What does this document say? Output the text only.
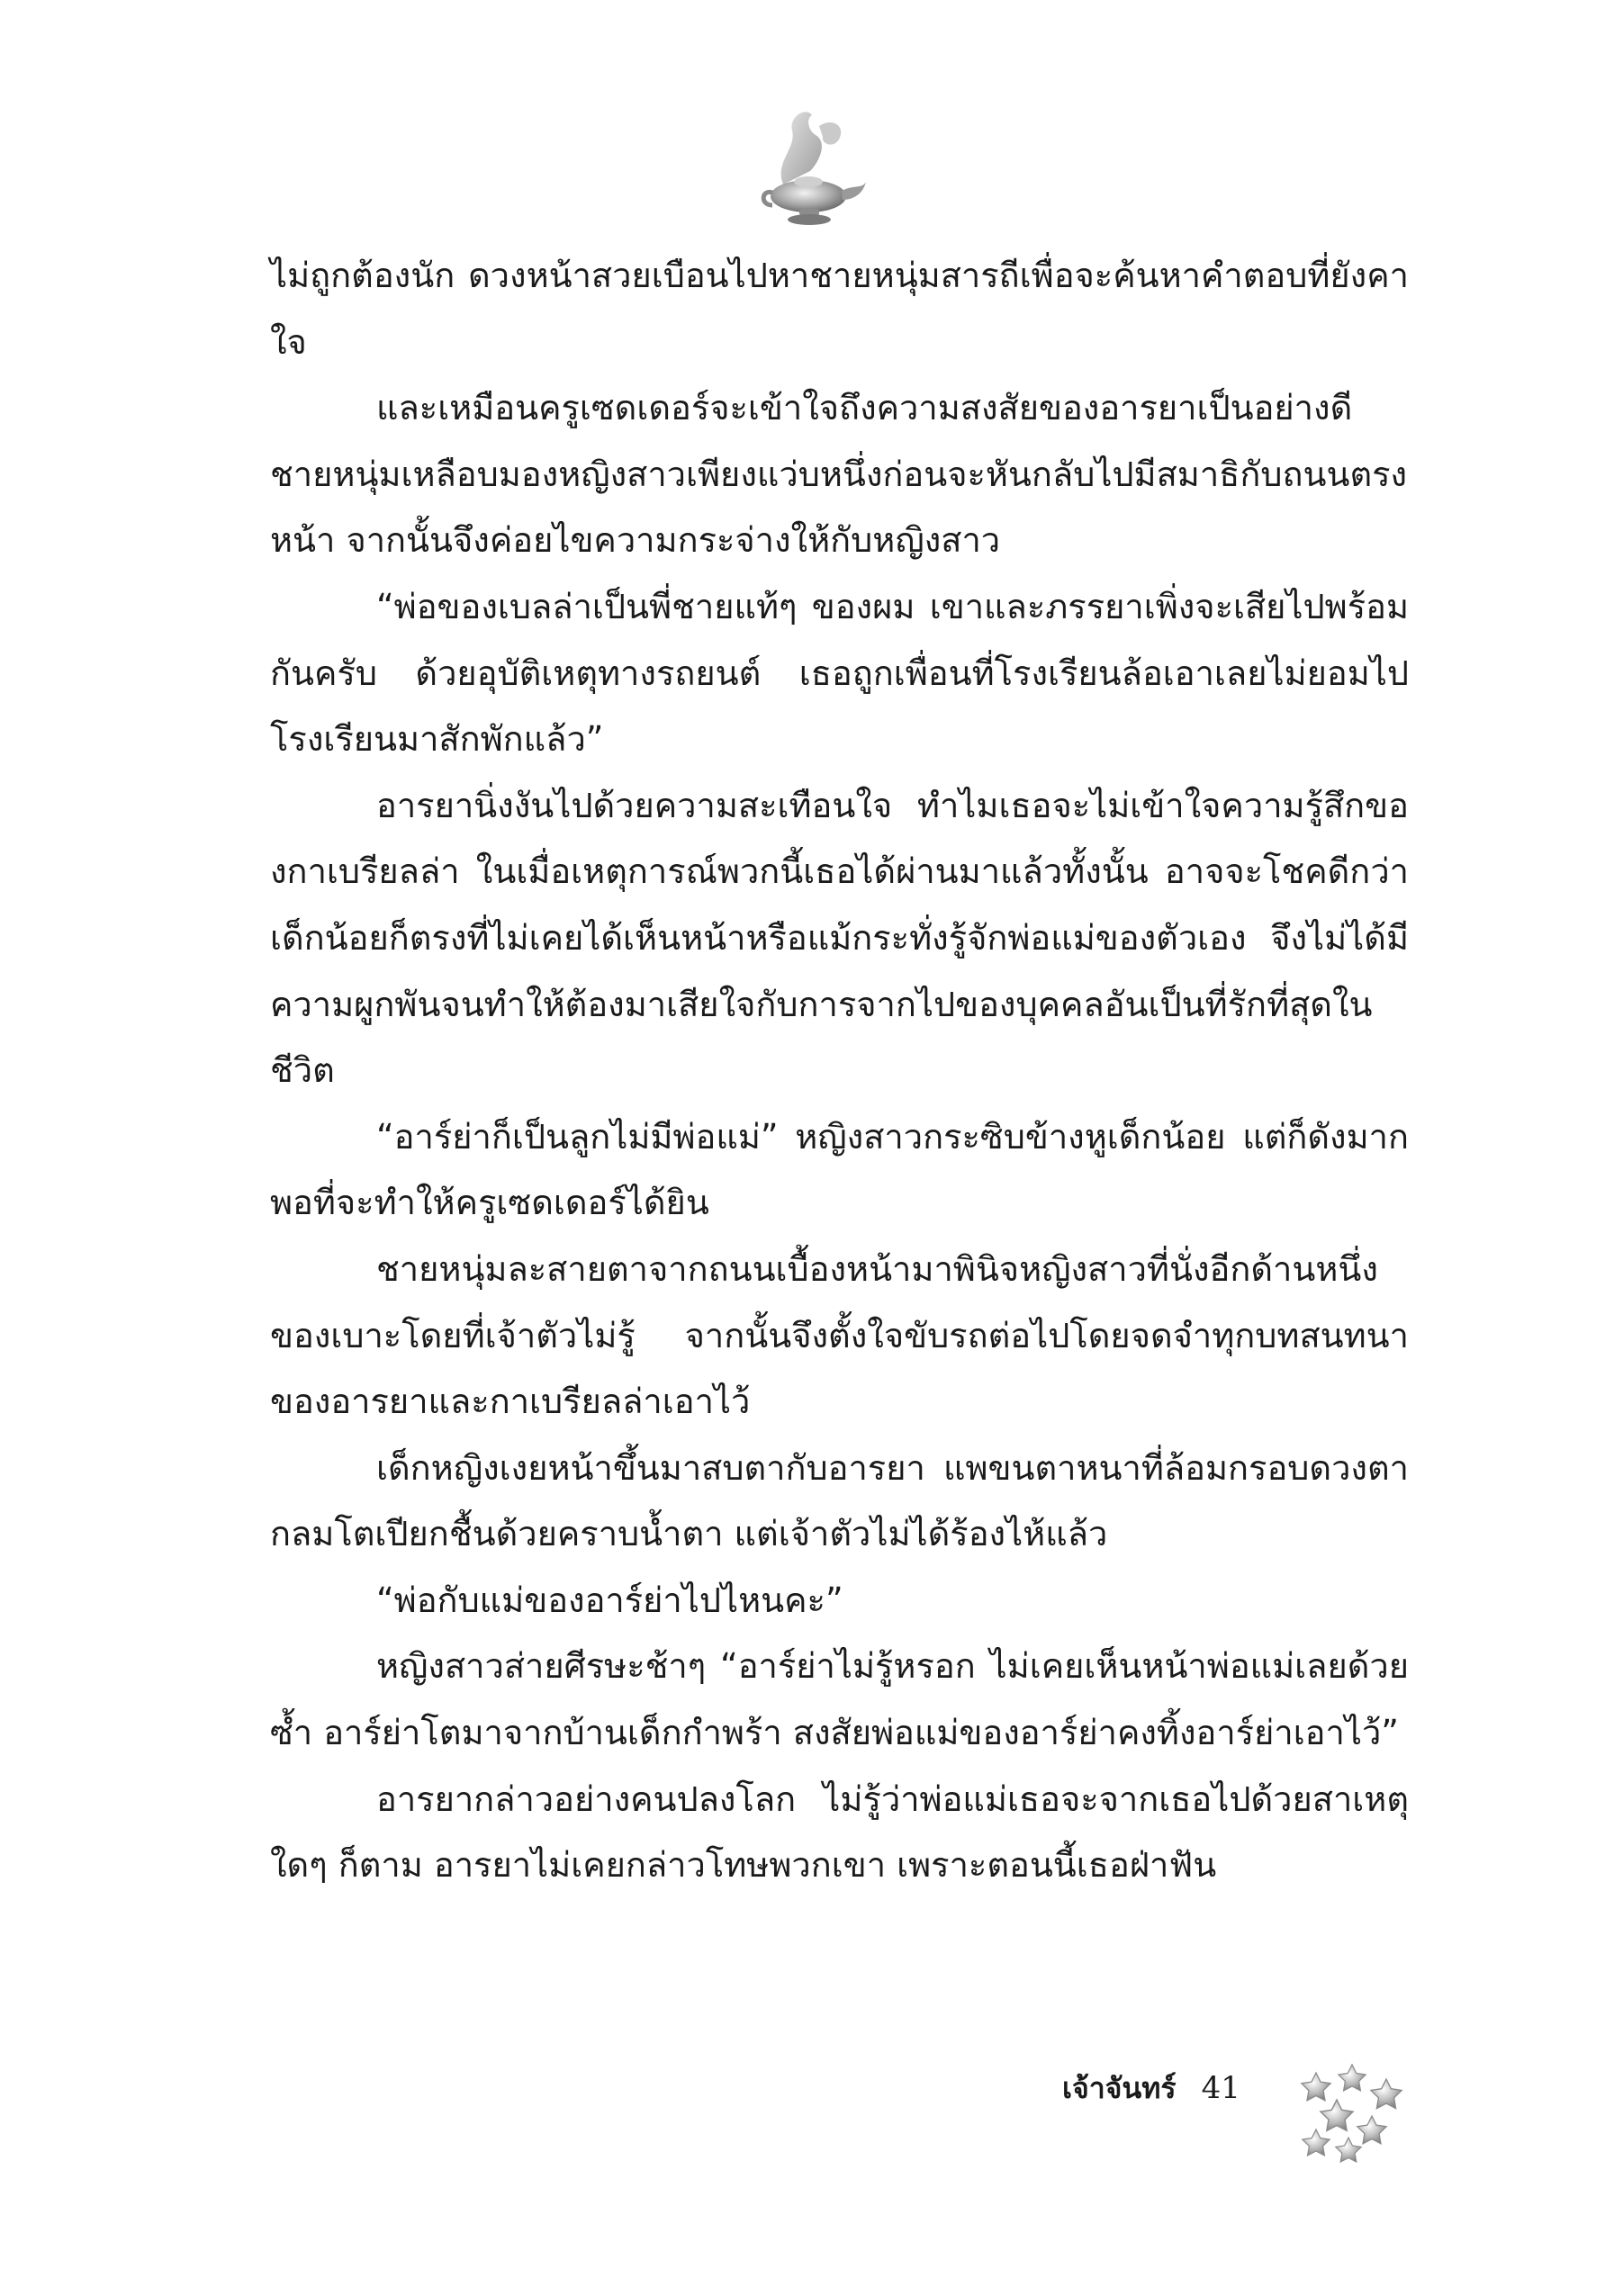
ไม่ถูกต้องนัก ดวงหน้าสวยเบือนไปหาชายหนุ่มสารถีเพื่อจะค้นหาคำตอบที่ยังคาใจ

และเหมือนครูเซดเดอร์จะเข้าใจถึงความสงสัยของอารยาเป็นอย่างดี ชายหนุ่มเหลือบมองหญิงสาวเพียงแว่บหนึ่งก่อนจะหันกลับไปมีสมาธิกับถนนตรงหน้า จากนั้นจึงค่อยไขความกระจ่างให้กับหญิงสาว

“พ่อของเบลล่าเป็นพี่ชายแท้ๆ ของผม เขาและภรรยาเพิ่งจะเสียไปพร้อมกันครับ ด้วยอุบัติเหตุทางรถยนต์ เธอถูกเพื่อนที่โรงเรียนล้อเอาเลยไม่ยอมไปโรงเรียนมาสักพักแล้ว”

อารยานิ่งงันไปด้วยความสะเทือนใจ ทำไมเธอจะไม่เข้าใจความรู้สึกของกาเบรียลล่า ในเมื่อเหตุการณ์พวกนี้เธอได้ผ่านมาแล้วทั้งนั้น อาจจะโชคดีกว่าเด็กน้อยก็ตรงที่ไม่เคยได้เห็นหน้าหรือแม้กระทั่งรู้จักพ่อแม่ของตัวเอง จึงไม่ได้มีความผูกพันจนทำให้ต้องมาเสียใจกับการจากไปของบุคคลอันเป็นที่รักที่สุดในชีวิต

“อาร์ย่าก็เป็นลูกไม่มีพ่อแม่” หญิงสาวกระซิบข้างหูเด็กน้อย แต่ก็ดังมากพอที่จะทำให้ครูเซดเดอร์ได้ยิน

ชายหนุ่มละสายตาจากถนนเบื้องหน้ามาพินิจหญิงสาวที่นั่งอีกด้านหนึ่งของเบาะโดยที่เจ้าตัวไม่รู้ จากนั้นจึงตั้งใจขับรถต่อไปโดยจดจำทุกบทสนทนาของอารยาและกาเบรียลล่าเอาไว้

เด็กหญิงเงยหน้าขึ้นมาสบตากับอารยา แพขนตาหนาที่ล้อมกรอบดวงตากลมโตเปียกชื้นด้วยคราบน้ำตา แต่เจ้าตัวไม่ได้ร้องไห้แล้ว

“พ่อกับแม่ของอาร์ย่าไปไหนคะ”

หญิงสาวส่ายศีรษะช้าๆ “อาร์ย่าไม่รู้หรอก ไม่เคยเห็นหน้าพ่อแม่เลยด้วยซ้ำ อาร์ย่าโตมาจากบ้านเด็กกำพร้า สงสัยพ่อแม่ของอาร์ย่าคงทิ้งอาร์ย่าเอาไว้”

อารยากล่าวอย่างคนปลงโลก ไม่รู้ว่าพ่อแม่เธอจะจากเธอไปด้วยสาเหตุใดๆ ก็ตาม อารยาไม่เคยกล่าวโทษพวกเขา เพราะตอนนี้เธอฝ่าฟัน

เจ้าจันทร์ 41
